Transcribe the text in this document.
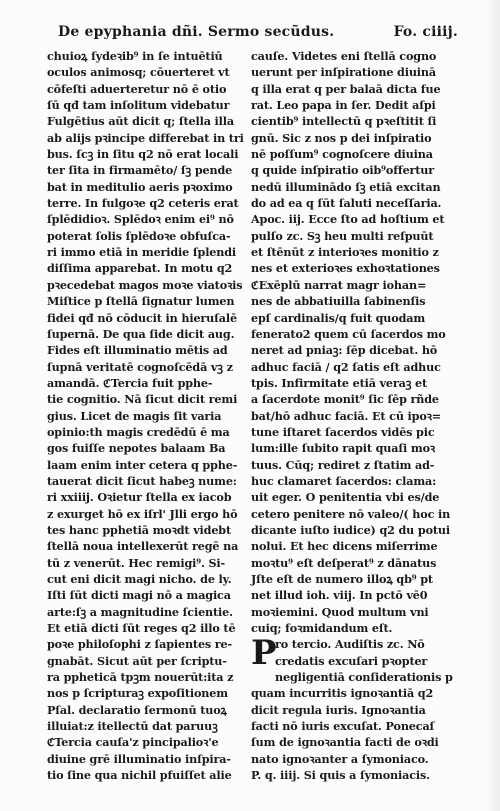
De epyphania dñi. Sermo secũdus.	Fo. ciiij.
chuioꝝ ſydeꝛib⁹ in ſe intuētiū
oculos animosq; cōuerteret vt
cōfeſti aduerteretur nō ē otio
ſū qđ tam inſolitum videbatur
Fulgētius aūt dicit q; ſtella illa
ab alijs pꝛincipe differebat in tri
bus. ſcꝫ in ſitu q2 nō erat locali
ter ſita in firmamēto/ ſꝫ pende
bat in meditulio aeris pꝛoximo
terre. In fulgoꝛe q2 ceteris erat
ſplēdidioꝛ. Splēdoꝛ enim ei⁹ nō
poterat ſolis ſplēdoꝛe obfuſca-
ri immo etiā in meridie ſplendi
diſſima apparebat. In motu q2
pꝛecedebat magos moꝛe viatoꝛis
Miſtice p ſtellā ſignatur lumen
fidei qđ nō cōducit in hieruſalē
ſupernā. De qua ſide dicit aug.
Fides eſt illuminatio mētis ad
ſupnā veritatē cognoſcēdā vꝫ z
amandā. ℭTercia fuit pphe-
tie cognitio. Nā ſicut dicit remi
gius. Licet de magis ſit varia
opinio:th magis credēdū ē ma
gos fuiſſe nepotes balaam Ba
laam enim inter cetera q pphe-
tauerat dicit ſicut habeꝫ nume:
ri xxiiij. Oꝛietur ſtella ex iacob
z exurget hō ex iſrl' Jlli ergo hō
tes hanc pphetiā moꝛdt videbt
ſtellā noua intellexerūt regē na
tū z venerūt. Hec remigi⁹. Si-
cut eni dicit magi nicho. de ly.
Iſti ſūt dicti magi nō a magica
arte:ſꝫ a magnitudine ſcientie.
Et etiā dicti ſūt reges q2 illo tē
poꝛe philoſophi z ſapientes re-
gnabāt. Sicut aūt per ſcriptu-
ra ppheticā tpꝫm nouerūt:ita z
nos p ſcripturaꝫ expoſitionem
Pſal. declaratio ſermonū tuoꝝ
illuiat:z itellectū dat paruuꝫ
ℭTercia cauſa'z pincipalioꝛ'e
diuine grē illuminatio inſpira-
tio ſine qua nichil pfuiſſet alie
cauſe. Videtes eni ſtellā cogno
uerunt per inſpiratione diuinā
q illa erat q per balaā dicta fue
rat. Leo papa in ſer. Dedit aſpi
cientib⁹ intellectū q pꝛeſtitit ſi
gnū. Sic z nos p dei inſpiratio
nē poſſum⁹ cognoſcere diuina
q quide inſpiratio oib⁹offertur
nedū illuminādo ſꝫ etiā excitan
do ad ea q ſūt ſaluti neceſſaria.
Apoc. iij. Ecce ſto ad hoſtium et
pulſo zc. Sꝫ heu multi reſpuūt
et ſtēnūt z interioꝛes monitio z
nes et exterioꝛes exhoꝛtationes
ℭExēplū narrat magr iohan=
nes de abbatiuilla ſabinenſis
epſ cardinalis/q fuit quodam
fenerato2 quem cū ſacerdos mo
neret ad pniaꝫ: ſēp dicebat. hō
adhuc faciā / q2 ſatis eſt adhuc
tpis. Infirmitate etiā veraꝫ et
a ſacerdote monit⁹ ſic ſēp rñde
bat/hō adhuc faciā. Et cū ipoꝛ=
tune iſtaret ſacerdos vidēs pic
lum:ille ſubito rapit quaſi moꝛ
tuus. Cūq; rediret z ſtatim ad-
huc clamaret ſacerdos: clama:
uit eger. O penitentia vbi es/de
cetero penitere nō valeo/( hoc in
dicante iuſto iudice) q2 du potui
nolui. Et hec dicens miſerrime
moꝛtu⁹ eſt deſperat⁹ z dānatus
Jſte eſt de numero illoꝝ qb⁹ pt
net illud ioh. viij. In pctō vē0
moꝛiemini. Quod multum vni
cuiq; foꝛmidandum eſt.
P
ro tercio. Audiſtis zc. Nō
credatis excuſari pꝛopter
negligentiā conſiderationis p
quam incurritis ignoꝛantiā q2
dicit regula iuris. Ignoꝛantia
facti nō iuris excuſat. Ponecaſ
ſum de ignoꝛantia facti de oꝛdi
nato ignoꝛanter a ſymoniaco.
P. q. iiij. Si quis a ſymoniacis.
